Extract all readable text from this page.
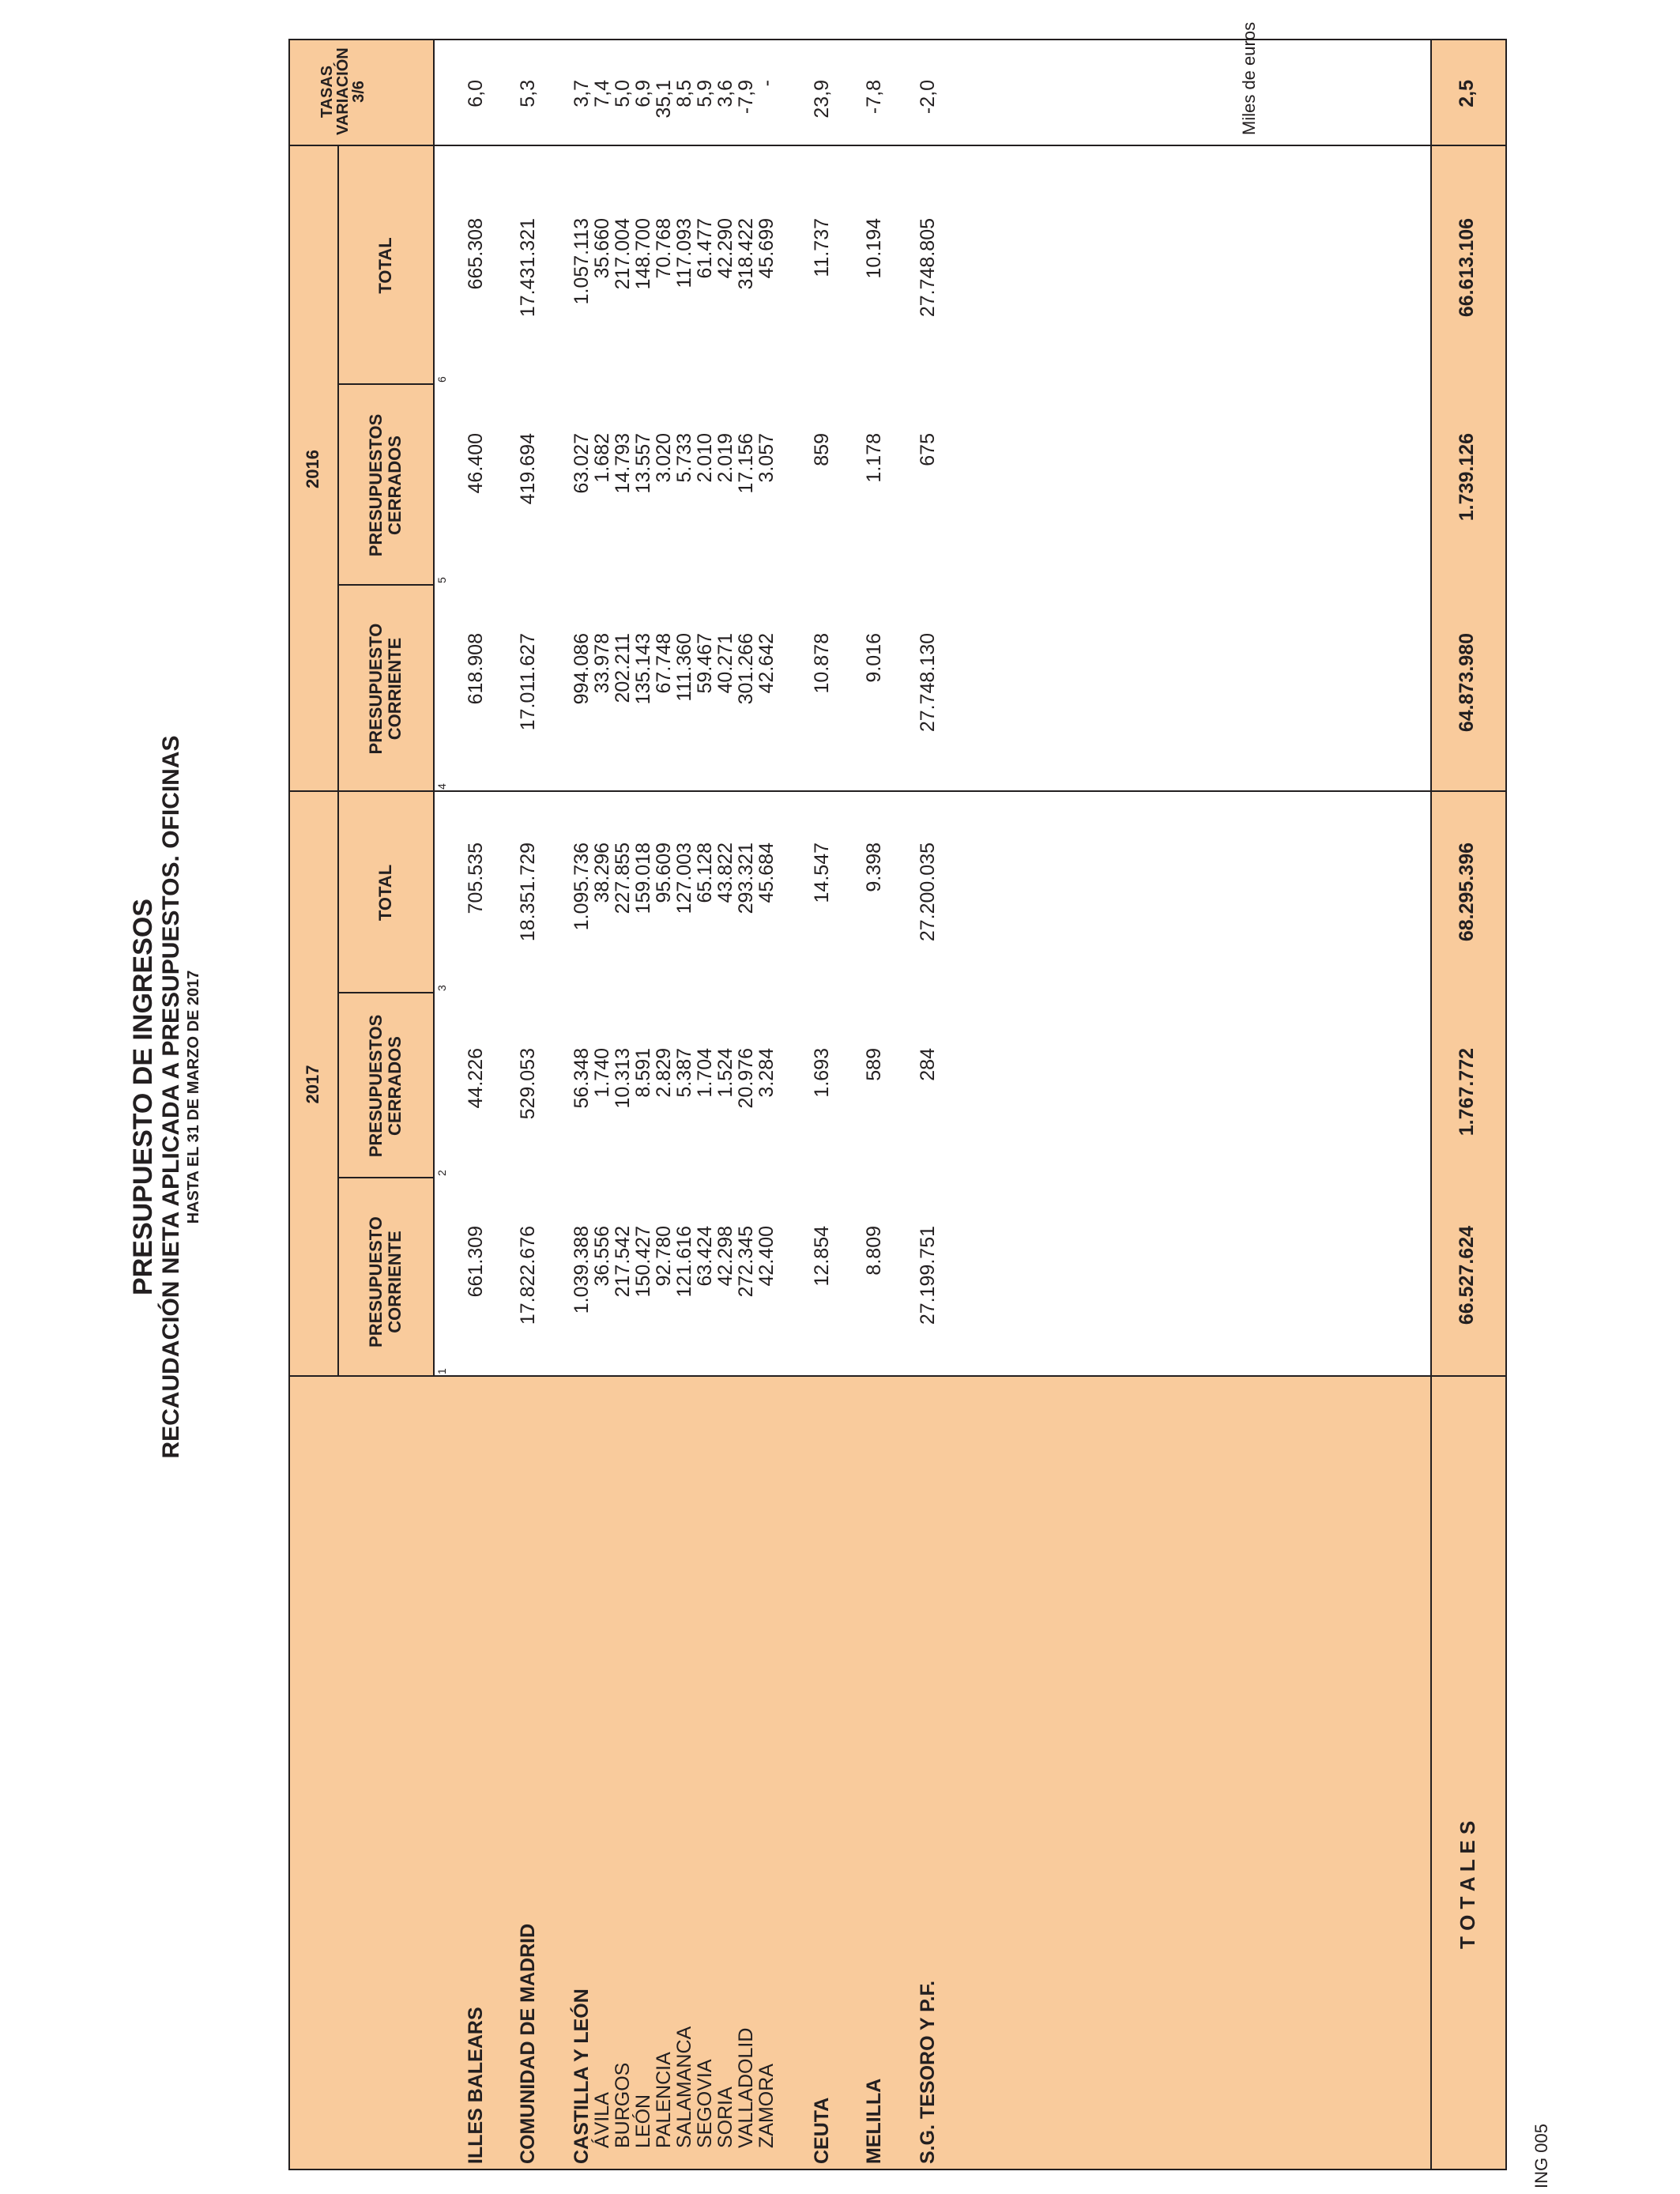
PRESUPUESTO DE INGRESOS RECAUDACIÓN NETA APLICADA A PRESUPUESTOS. OFICINAS HASTA EL 31 DE MARZO DE 2017
Miles de euros
ING 005
2017
2016
PRESUPUESTO CORRIENTE
PRESUPUESTOS CERRADOS
TOTAL
PRESUPUESTO CORRIENTE
PRESUPUESTOS CERRADOS
TOTAL
TASAS VARIACIÓN 3/6
1
2
3
4
5
6
ILLES BALEARS
661.309
44.226
705.535
618.908
46.400
665.308
6,0
COMUNIDAD DE MADRID
17.822.676
529.053
18.351.729
17.011.627
419.694
17.431.321
5,3
CASTILLA Y LEÓN
1.039.388
56.348
1.095.736
994.086
63.027
1.057.113
3,7
ÁVILA
36.556
1.740
38.296
33.978
1.682
35.660
7,4
BURGOS
217.542
10.313
227.855
202.211
14.793
217.004
5,0
LEÓN
150.427
8.591
159.018
135.143
13.557
148.700
6,9
PALENCIA
92.780
2.829
95.609
67.748
3.020
70.768
35,1
SALAMANCA
121.616
5.387
127.003
111.360
5.733
117.093
8,5
SEGOVIA
63.424
1.704
65.128
59.467
2.010
61.477
5,9
SORIA
42.298
1.524
43.822
40.271
2.019
42.290
3,6
VALLADOLID
272.345
20.976
293.321
301.266
17.156
318.422
-7,9
ZAMORA
42.400
3.284
45.684
42.642
3.057
45.699
-
CEUTA
12.854
1.693
14.547
10.878
859
11.737
23,9
MELILLA
8.809
589
9.398
9.016
1.178
10.194
-7,8
S.G. TESORO Y P.F.
27.199.751
284
27.200.035
27.748.130
675
27.748.805
-2,0
T O T A L E S
66.527.624
1.767.772
68.295.396
64.873.980
1.739.126
66.613.106
2,5
